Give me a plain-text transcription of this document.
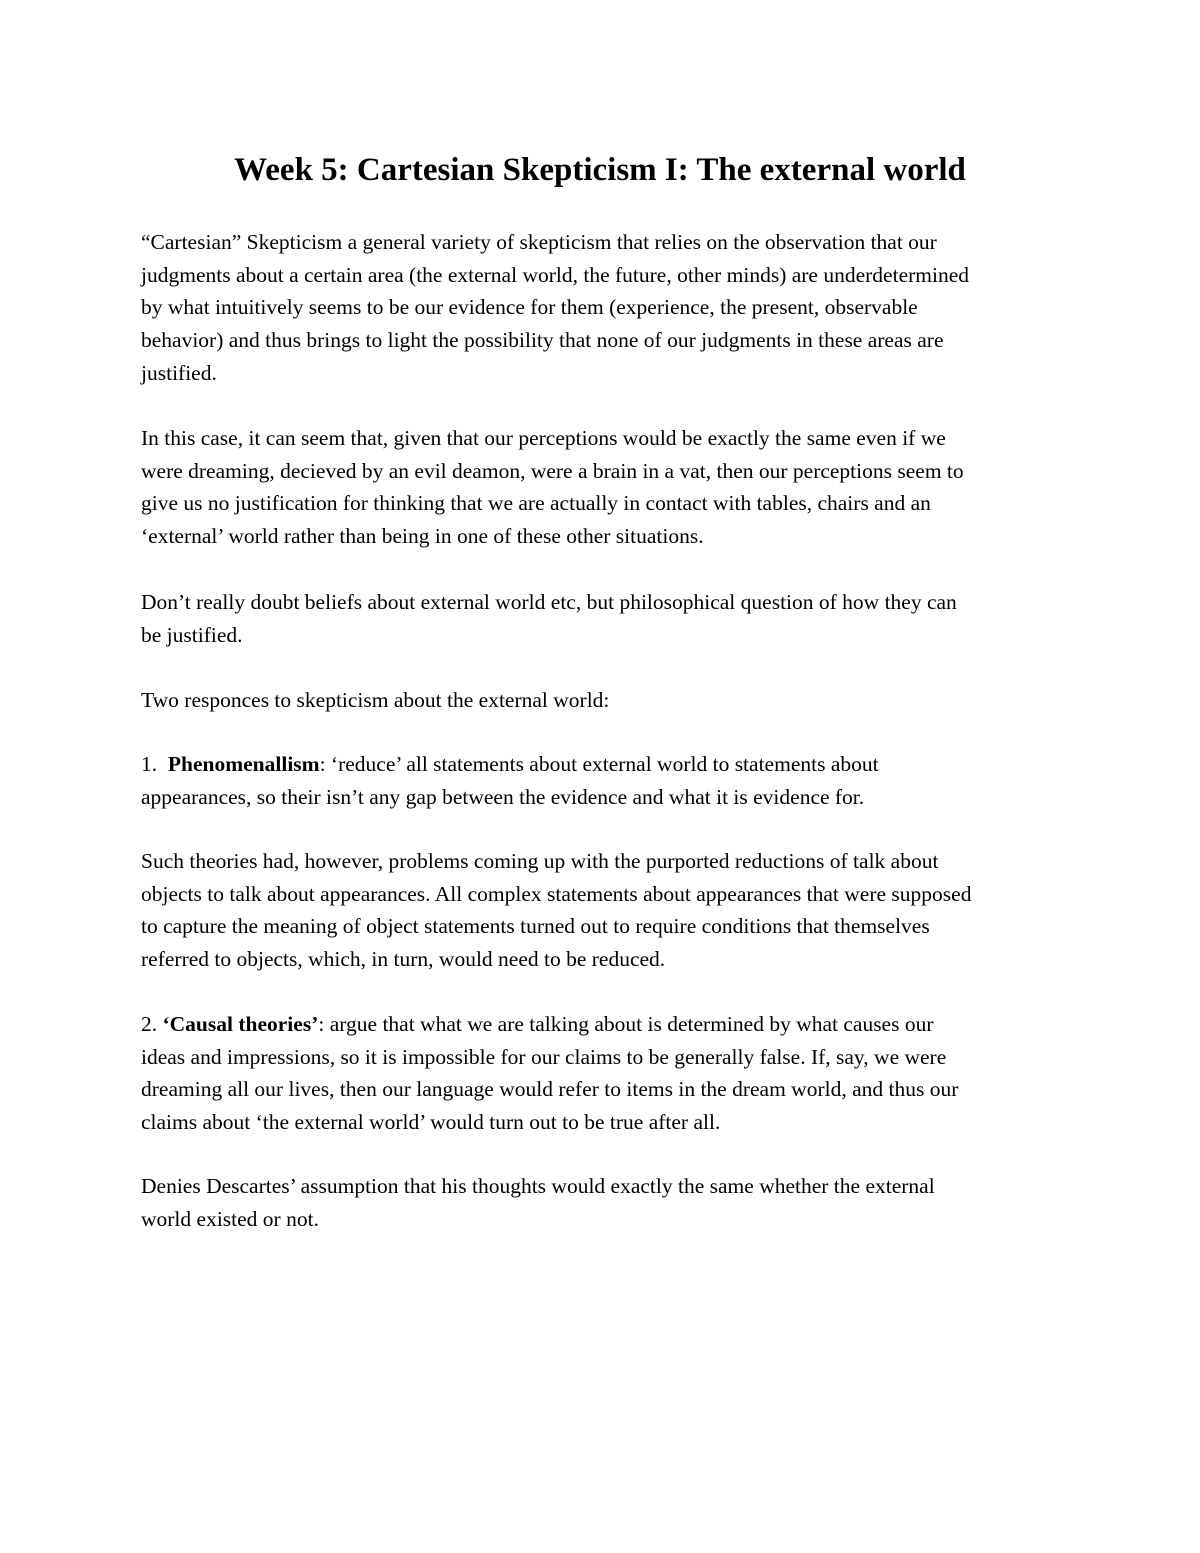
Week 5: Cartesian Skepticism I: The external world

“Cartesian” Skepticism a general variety of skepticism that relies on the observation that our
judgments about a certain area (the external world, the future, other minds) are underdetermined
by what intuitively seems to be our evidence for them (experience, the present, observable
behavior) and thus brings to light the possibility that none of our judgments in these areas are
justified.

In this case, it can seem that, given that our perceptions would be exactly the same even if we
were dreaming, decieved by an evil deamon, were a brain in a vat, then our perceptions seem to
give us no justification for thinking that we are actually in contact with tables, chairs and an
‘external’ world rather than being in one of these other situations.

Don’t really doubt beliefs about external world etc, but philosophical question of how they can
be justified.

Two responces to skepticism about the external world:

1. Phenomenallism: ‘reduce’ all statements about external world to statements about
appearances, so their isn’t any gap between the evidence and what it is evidence for.

Such theories had, however, problems coming up with the purported reductions of talk about
objects to talk about appearances. All complex statements about appearances that were supposed
to capture the meaning of object statements turned out to require conditions that themselves
referred to objects, which, in turn, would need to be reduced.

2. ‘Causal theories’: argue that what we are talking about is determined by what causes our
ideas and impressions, so it is impossible for our claims to be generally false. If, say, we were
dreaming all our lives, then our language would refer to items in the dream world, and thus our
claims about ‘the external world’ would turn out to be true after all.

Denies Descartes’ assumption that his thoughts would exactly the same whether the external
world existed or not.
